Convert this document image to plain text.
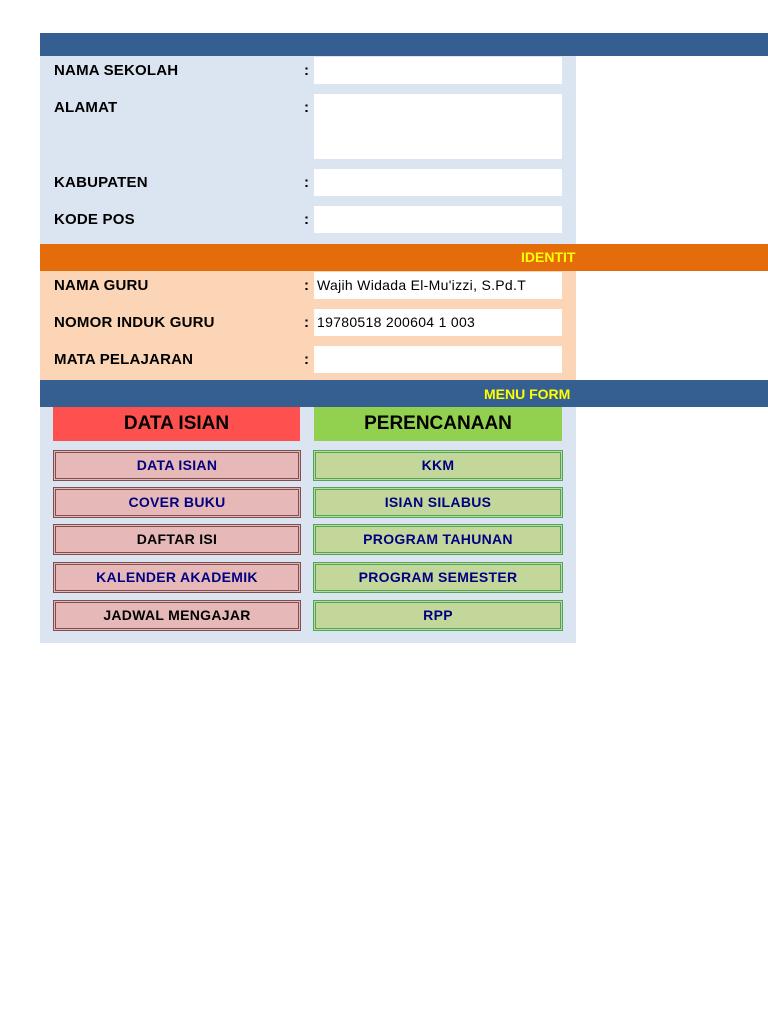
NAMA SEKOLAH	:
ALAMAT	:
KABUPATEN	:
KODE POS	:
IDENTIT
NAMA GURU	: Wajih Widada El-Mu'izzi, S.Pd.T
NOMOR INDUK GURU	: 19780518 200604 1 003
MATA PELAJARAN	:
MENU FORM
DATA ISIAN	PERENCANAAN
DATA ISIAN
COVER BUKU
DAFTAR ISI
KALENDER AKADEMIK
JADWAL MENGAJAR
KKM
ISIAN SILABUS
PROGRAM TAHUNAN
PROGRAM SEMESTER
RPP
